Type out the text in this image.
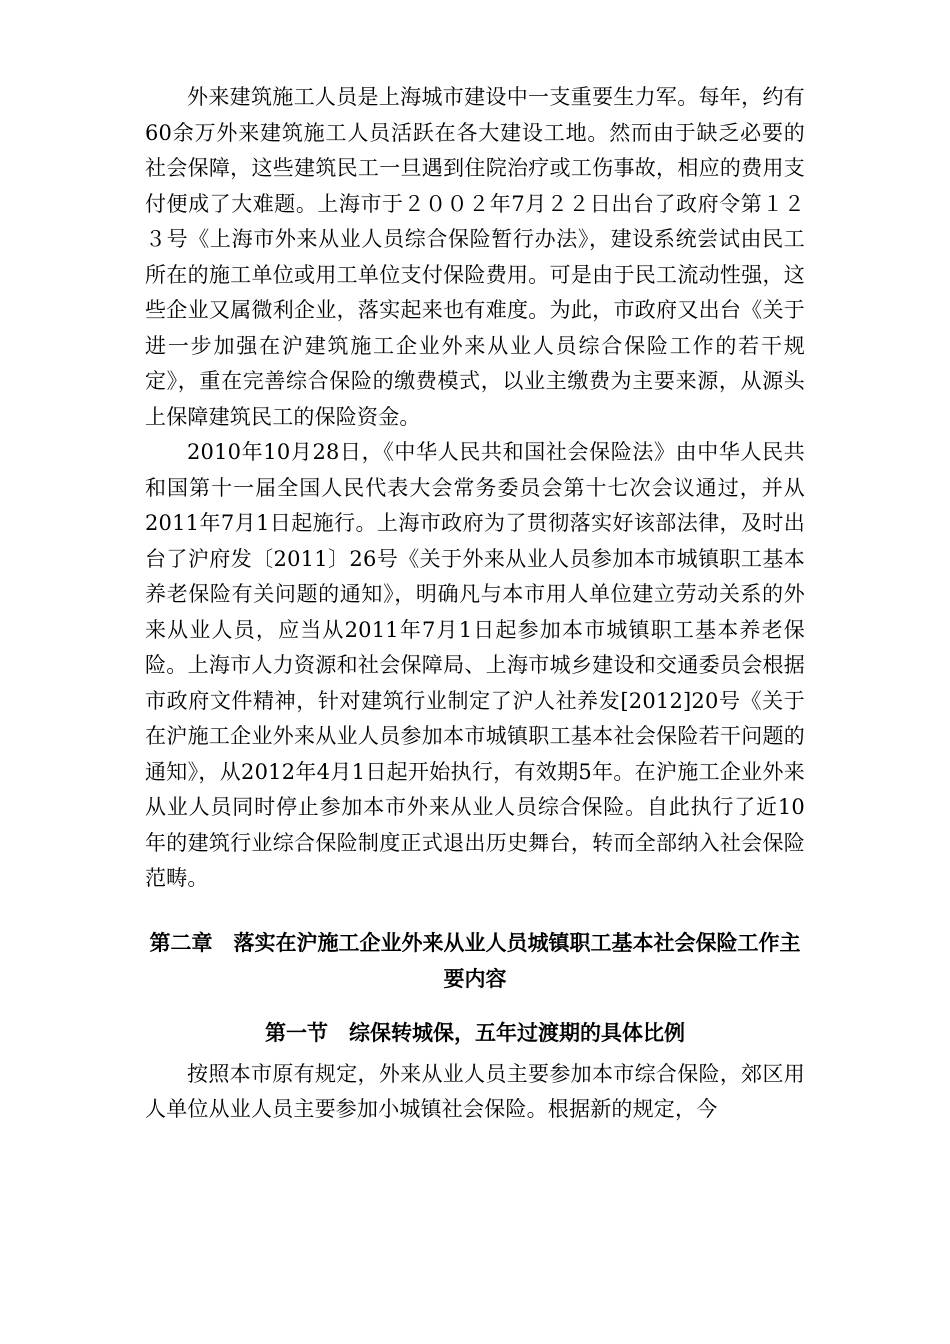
外来建筑施工人员是上海城市建设中一支重要生力军。每年，约有60余万外来建筑施工人员活跃在各大建设工地。然而由于缺乏必要的社会保障，这些建筑民工一旦遇到住院治疗或工伤事故，相应的费用支付便成了大难题。上海市于２００２年7月２２日出台了政府令第１２３号《上海市外来从业人员综合保险暂行办法》，建设系统尝试由民工所在的施工单位或用工单位支付保险费用。可是由于民工流动性强，这些企业又属微利企业，落实起来也有难度。为此，市政府又出台《关于进一步加强在沪建筑施工企业外来从业人员综合保险工作的若干规定》，重在完善综合保险的缴费模式，以业主缴费为主要来源，从源头上保障建筑民工的保险资金。

2010年10月28日，《中华人民共和国社会保险法》由中华人民共和国第十一届全国人民代表大会常务委员会第十七次会议通过，并从2011年7月1日起施行。上海市政府为了贯彻落实好该部法律，及时出台了沪府发〔2011〕26号《关于外来从业人员参加本市城镇职工基本养老保险有关问题的通知》，明确凡与本市用人单位建立劳动关系的外来从业人员，应当从2011年7月1日起参加本市城镇职工基本养老保险。上海市人力资源和社会保障局、上海市城乡建设和交通委员会根据市政府文件精神，针对建筑行业制定了沪人社养发[2012]20号《关于在沪施工企业外来从业人员参加本市城镇职工基本社会保险若干问题的通知》，从2012年4月1日起开始执行，有效期5年。在沪施工企业外来从业人员同时停止参加本市外来从业人员综合保险。自此执行了近10年的建筑行业综合保险制度正式退出历史舞台，转而全部纳入社会保险范畴。

第二章　落实在沪施工企业外来从业人员城镇职工基本社会保险工作主要内容
第一节　综保转城保，五年过渡期的具体比例

按照本市原有规定，外来从业人员主要参加本市综合保险，郊区用人单位从业人员主要参加小城镇社会保险。根据新的规定，今
